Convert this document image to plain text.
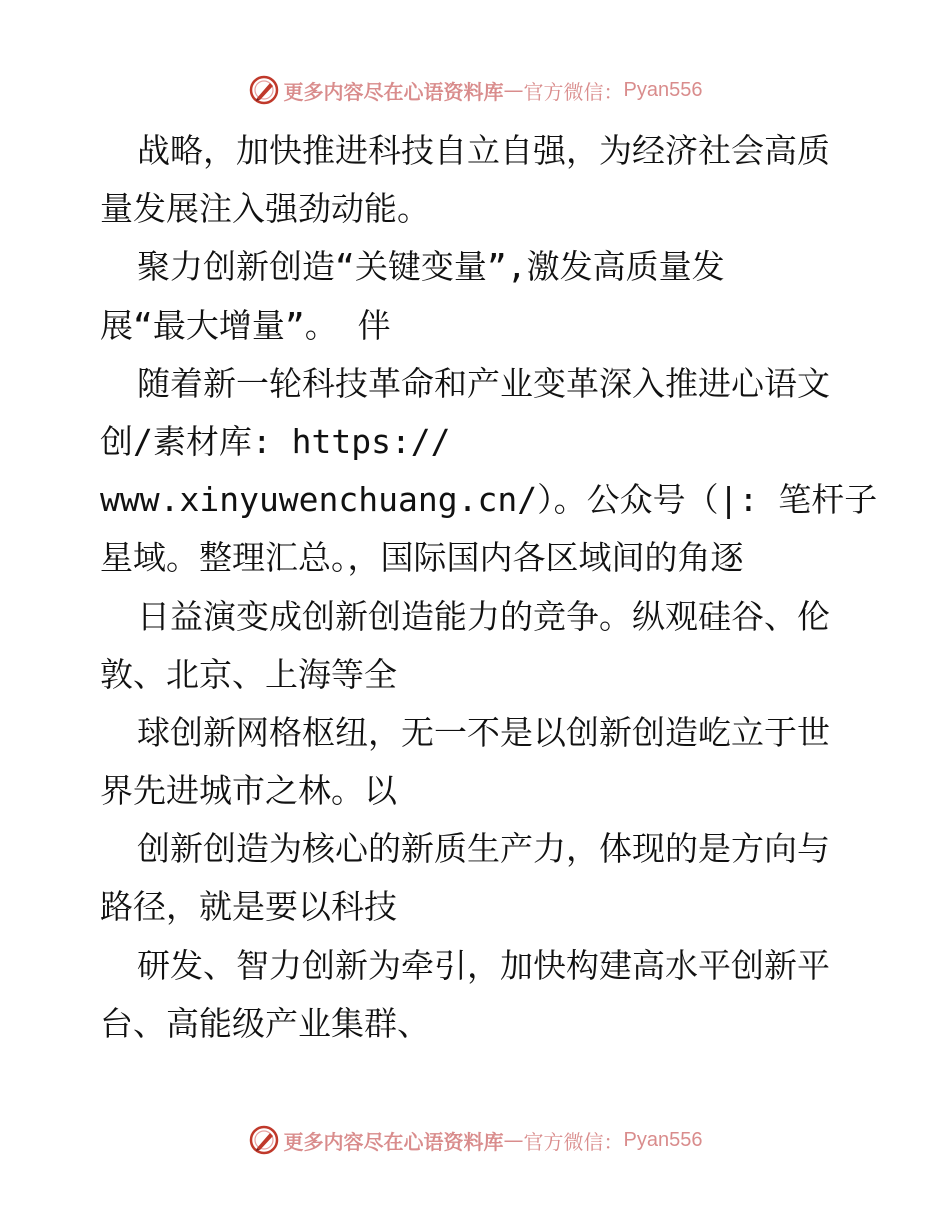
更多内容尽在心语资料库 — 官方微信： Pyan556
战略，加快推进科技自立自强，为经济社会高质
量发展注入强劲动能。
聚力创新创造“关键变量”,激发高质量发
展“最大增量”。 伴
随着新一轮科技革命和产业变革深入推进心语文
创/素材库: https://
www.xinyuwenchuang.cn/）。公众号（|: 笔杆子
星域。整理汇总。，国际国内各区域间的角逐
日益演变成创新创造能力的竞争。纵观硅谷、伦
敦、北京、上海等全
球创新网格枢纽，无一不是以创新创造屹立于世
界先进城市之林。以
创新创造为核心的新质生产力，体现的是方向与
路径，就是要以科技
研发、智力创新为牵引，加快构建高水平创新平
台、高能级产业集群、
更多内容尽在心语资料库 — 官方微信： Pyan556
